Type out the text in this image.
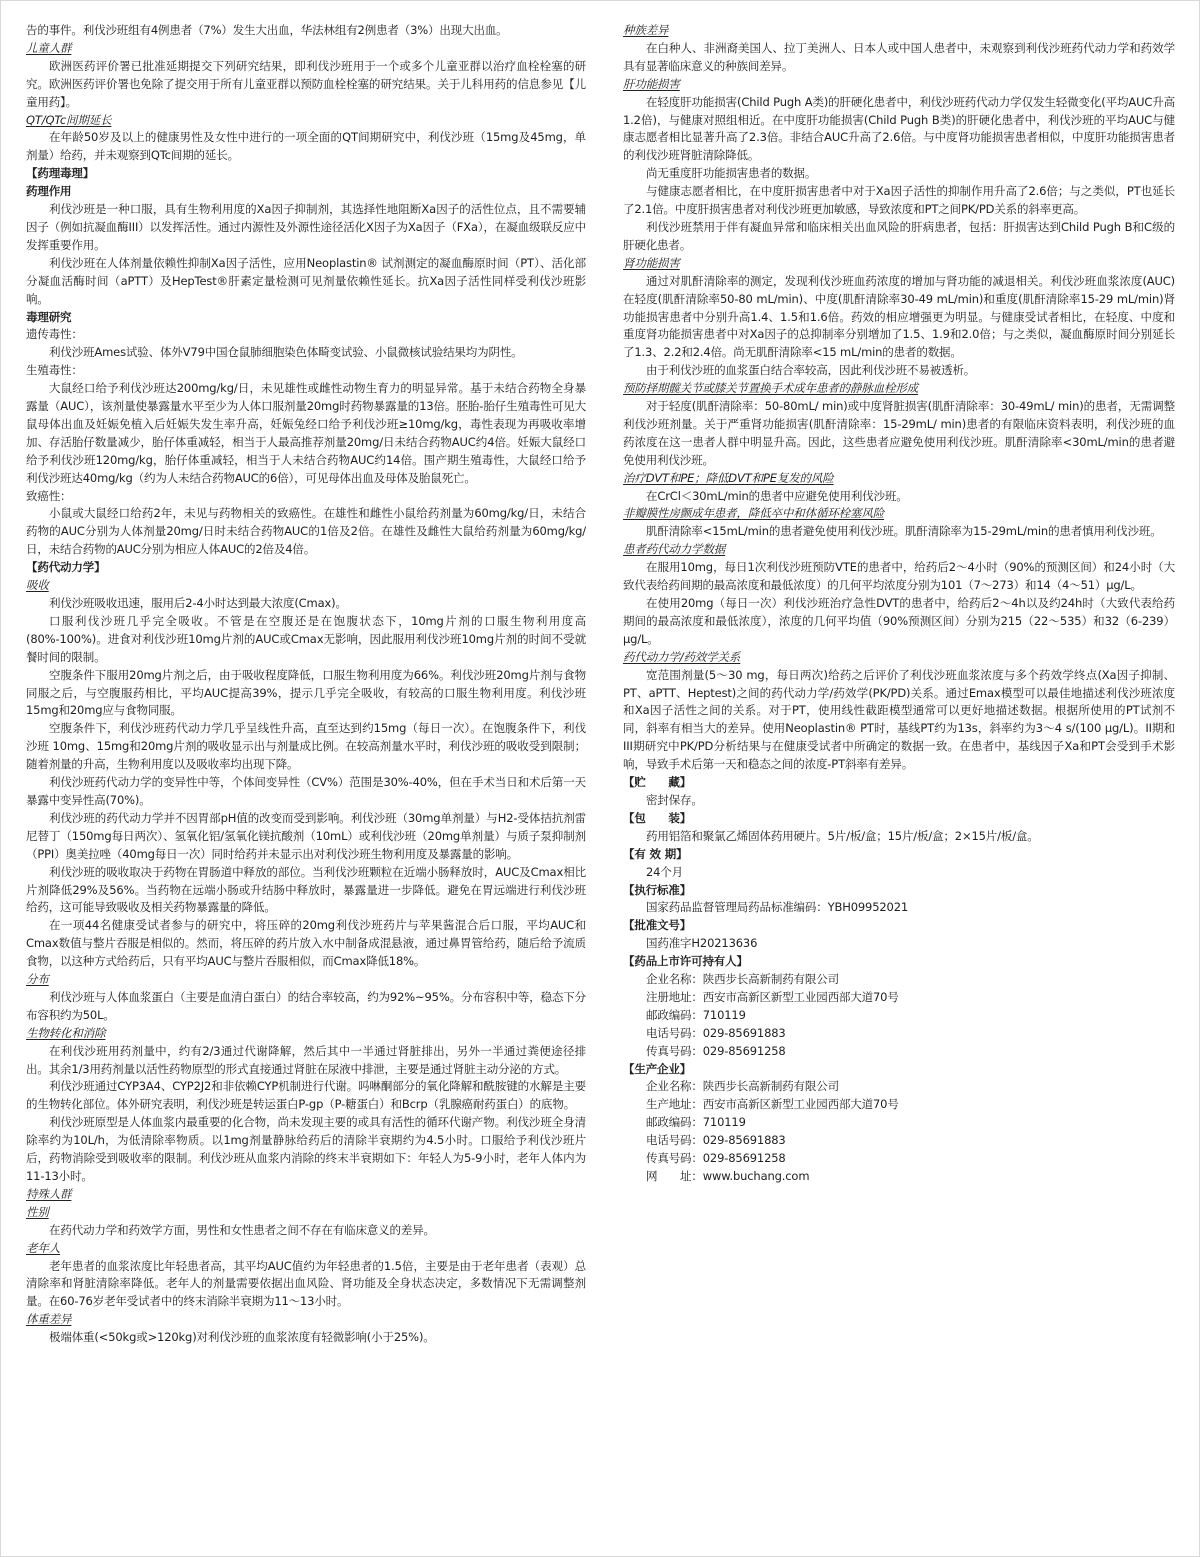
告的事件。利伐沙班组有4例患者（7%）发生大出血，华法林组有2例患者（3%）出现大出血。

儿童人群

欧洲医药评价署已批准延期提交下列研究结果，即利伐沙班用于一个或多个儿童亚群以治疗血栓栓塞的研究。欧洲医药评价署也免除了提交用于所有儿童亚群以预防血栓栓塞的研究结果。关于儿科用药的信息参见【儿童用药】。

QT/QTc间期延长

在年龄50岁及以上的健康男性及女性中进行的一项全面的QT间期研究中，利伐沙班（15mg及45mg，单剂量）给药，并未观察到QTc间期的延长。

【药理毒理】
药理作用

利伐沙班是一种口服，具有生物利用度的Xa因子抑制剂，其选择性地阻断Xa因子的活性位点，且不需要辅因子（例如抗凝血酶III）以发挥活性。通过内源性及外源性途径活化X因子为Xa因子（FXa），在凝血级联反应中发挥重要作用。

利伐沙班在人体剂量依赖性抑制Xa因子活性，应用Neoplastin® 试剂测定的凝血酶原时间（PT）、活化部分凝血活酶时间（aPTT）及HepTest®肝素定量检测可见剂量依赖性延长。抗Xa因子活性同样受利伐沙班影响。

毒理研究
遗传毒性：

利伐沙班Ames试验、体外V79中国仓鼠肺细胞染色体畸变试验、小鼠微核试验结果均为阴性。

生殖毒性：

大鼠经口给予利伐沙班达200mg/kg/日，未见雄性或雌性动物生育力的明显异常。基于未结合药物全身暴露量（AUC），该剂量使暴露量水平至少为人体口服剂量20mg时药物暴露量的13倍。胚胎-胎仔生殖毒性可见大鼠母体出血及妊娠免植入后妊娠失发生率升高，妊娠兔经口给予利伐沙班≥10mg/kg，毒性表现为再吸收率增加、存活胎仔数量减少，胎仔体重减轻，相当于人最高推荐剂量20mg/日未结合药物AUC约4倍。妊娠大鼠经口给予利伐沙班120mg/kg，胎仔体重减轻，相当于人未结合药物AUC约14倍。围产期生殖毒性，大鼠经口给予利伐沙班达40mg/kg（约为人未结合药物AUC的6倍），可见母体出血及母体及胎鼠死亡。

致癌性：

小鼠或大鼠经口给药2年，未见与药物相关的致癌性。在雄性和雌性小鼠给药剂量为60mg/kg/日，未结合药物的AUC分别为人体剂量20mg/日时未结合药物AUC的1倍及2倍。在雄性及雌性大鼠给药剂量为60mg/kg/日，未结合药物的AUC分别为相应人体AUC的2倍及4倍。

【药代动力学】
吸收

利伐沙班吸收迅速，服用后2-4小时达到最大浓度(Cmax)。

口服利伐沙班几乎完全吸收。不管是在空腹还是在饱腹状态下，10mg片剂的口服生物利用度高(80%-100%)。进食对利伐沙班10mg片剂的AUC或Cmax无影响，因此服用利伐沙班10mg片剂的时间不受就餐时间的限制。

空腹条件下服用20mg片剂之后，由于吸收程度降低，口服生物利用度为66%。利伐沙班20mg片剂与食物同服之后，与空腹服药相比，平均AUC提高39%，提示几乎完全吸收，有较高的口服生物利用度。利伐沙班 15mg和20mg应与食物同服。

空腹条件下，利伐沙班药代动力学几乎呈线性升高，直至达到约15mg（每日一次）。在饱腹条件下，利伐沙班 10mg、15mg和20mg片剂的吸收显示出与剂量成比例。在较高剂量水平时，利伐沙班的吸收受到限制；随着剂量的升高，生物利用度以及吸收率均出现下降。

利伐沙班药代动力学的变异性中等，个体间变异性（CV%）范围是30%-40%，但在手术当日和术后第一天暴露中变异性高(70%)。

利伐沙班的药代动力学并不因胃部pH值的改变而受到影响。利伐沙班（30mg单剂量）与H2-受体拮抗剂雷尼替丁（150mg每日两次）、氢氧化铝/氢氧化镁抗酸剂（10mL）或利伐沙班（20mg单剂量）与质子泵抑制剂（PPI）奥美拉唑（40mg每日一次）同时给药并未显示出对利伐沙班生物利用度及暴露量的影响。

利伐沙班的吸收取决于药物在胃肠道中释放的部位。当利伐沙班颗粒在近端小肠释放时，AUC及Cmax相比片剂降低29%及56%。当药物在远端小肠或升结肠中释放时，暴露量进一步降低。避免在胃远端进行利伐沙班给药，这可能导致吸收及相关药物暴露量的降低。

在一项44名健康受试者参与的研究中，将压碎的20mg利伐沙班药片与苹果酱混合后口服，平均AUC和Cmax数值与整片吞服是相似的。然而，将压碎的药片放入水中制备成混悬液，通过鼻胃管给药，随后给予流质食物，以这种方式给药后，只有平均AUC与整片吞服相似，而Cmax降低18%。

分布

利伐沙班与人体血浆蛋白（主要是血清白蛋白）的结合率较高，约为92%~95%。分布容积中等，稳态下分布容积约为50L。

生物转化和消除

在利伐沙班用药剂量中，约有2/3通过代谢降解，然后其中一半通过肾脏排出，另外一半通过粪便途径排出。其余1/3用药剂量以活性药物原型的形式直接通过肾脏在尿液中排泄，主要是通过肾脏主动分泌的方式。

利伐沙班通过CYP3A4、CYP2J2和非依赖CYP机制进行代谢。吗啉酮部分的氧化降解和酰胺键的水解是主要的生物转化部位。体外研究表明，利伐沙班是转运蛋白P-gp（P-糖蛋白）和Bcrp（乳腺癌耐药蛋白）的底物。

利伐沙班原型是人体血浆内最重要的化合物，尚未发现主要的或具有活性的循环代谢产物。利伐沙班全身清除率约为10L/h，为低清除率物质。以1mg剂量静脉给药后的清除半衰期约为4.5小时。口服给予利伐沙班片后，药物消除受到吸收率的限制。利伐沙班从血浆内消除的终末半衰期如下：年轻人为5-9小时，老年人体内为11-13小时。

特殊人群
性别

在药代动力学和药效学方面，男性和女性患者之间不存在有临床意义的差异。

老年人

老年患者的血浆浓度比年轻患者高，其平均AUC值约为年轻患者的1.5倍，主要是由于老年患者（表观）总清除率和肾脏清除率降低。老年人的剂量需要依据出血风险、肾功能及全身状态决定，多数情况下无需调整剂量。在60-76岁老年受试者中的终末消除半衰期为11～13小时。

体重差异

极端体重(<50kg或>120kg)对利伐沙班的血浆浓度有轻微影响(小于25%)。

种族差异

在白种人、非洲裔美国人、拉丁美洲人、日本人或中国人患者中，未观察到利伐沙班药代动力学和药效学具有显著临床意义的种族间差异。

肝功能损害

在轻度肝功能损害(Child Pugh A类)的肝硬化患者中，利伐沙班药代动力学仅发生轻微变化(平均AUC升高1.2倍)，与健康对照组相近。在中度肝功能损害(Child Pugh B类)的肝硬化患者中，利伐沙班的平均AUC与健康志愿者相比显著升高了2.3倍。非结合AUC升高了2.6倍。与中度肾功能损害患者相似，中度肝功能损害患者的利伐沙班肾脏清除降低。

尚无重度肝功能损害患者的数据。

与健康志愿者相比，在中度肝损害患者中对于Xa因子活性的抑制作用升高了2.6倍；与之类似，PT也延长了2.1倍。中度肝损害患者对利伐沙班更加敏感，导致浓度和PT之间PK/PD关系的斜率更高。

利伐沙班禁用于伴有凝血异常和临床相关出血风险的肝病患者，包括：肝损害达到Child Pugh B和C级的肝硬化患者。

肾功能损害

通过对肌酐清除率的测定，发现利伐沙班血药浓度的增加与肾功能的减退相关。利伐沙班血浆浓度(AUC)在轻度(肌酐清除率50-80 mL/min)、中度(肌酐清除率30-49 mL/min)和重度(肌酐清除率15-29 mL/min)肾功能损害患者中分别升高1.4、1.5和1.6倍。药效的相应增强更为明显。与健康受试者相比，在轻度、中度和重度肾功能损害患者中对Xa因子的总抑制率分别增加了1.5、1.9和2.0倍；与之类似，凝血酶原时间分别延长了1.3、2.2和2.4倍。尚无肌酐清除率<15 mL/min的患者的数据。

由于利伐沙班的血浆蛋白结合率较高，因此利伐沙班不易被透析。

预防择期髋关节或膝关节置换手术成年患者的静脉血栓形成

对于轻度(肌酐清除率：50-80mL/ min)或中度肾脏损害(肌酐清除率：30-49mL/ min)的患者，无需调整利伐沙班剂量。关于严重肾功能损害(肌酐清除率：15-29mL/ min)患者的有限临床资料表明，利伐沙班的血药浓度在这一患者人群中明显升高。因此，这些患者应避免使用利伐沙班。肌酐清除率<30mL/min的患者避免使用利伐沙班。

治疗DVT和PE；降低DVT和PE复发的风险

在CrCl＜30mL/min的患者中应避免使用利伐沙班。

非瓣膜性房颤成年患者，降低卒中和体循环栓塞风险

肌酐清除率<15mL/min的患者避免使用利伐沙班。肌酐清除率为15-29mL/min的患者慎用利伐沙班。

患者药代动力学数据

在服用10mg，每日1次利伐沙班预防VTE的患者中，给药后2～4小时（90%的预测区间）和24小时（大致代表给药间期的最高浓度和最低浓度）的几何平均浓度分别为101（7～273）和14（4～51）μg/L。

在使用20mg（每日一次）利伐沙班治疗急性DVT的患者中，给药后2～4h以及约24h时（大致代表给药期间的最高浓度和最低浓度），浓度的几何平均值（90%预测区间）分别为215（22～535）和32（6-239）μg/L。

药代动力学/药效学关系

宽范围剂量(5～30 mg，每日两次)给药之后评价了利伐沙班血浆浓度与多个药效学终点(Xa因子抑制、PT、aPTT、Heptest)之间的药代动力学/药效学(PK/PD)关系。通过Emax模型可以最佳地描述利伐沙班浓度和Xa因子活性之间的关系。对于PT，使用线性截距模型通常可以更好地描述数据。根据所使用的PT试剂不同，斜率有相当大的差异。使用Neoplastin® PT时，基线PT约为13s，斜率约为3～4 s/(100 μg/L)。II期和III期研究中PK/PD分析结果与在健康受试者中所确定的数据一致。在患者中，基线因子Xa和PT会受到手术影响，导致手术后第一天和稳态之间的浓度-PT斜率有差异。

【贮　　藏】

密封保存。

【包　　装】

药用铝箔和聚氯乙烯固体药用硬片。5片/板/盒；15片/板/盒；2×15片/板/盒。

【有 效 期】

24个月

【执行标准】

国家药品监督管理局药品标准编码：YBH09952021

【批准文号】

国药准字H20213636

【药品上市许可持有人】

企业名称：陕西步长高新制药有限公司

注册地址：西安市高新区新型工业园西部大道70号

邮政编码：710119

电话号码：029-85691883

传真号码：029-85691258

【生产企业】

企业名称：陕西步长高新制药有限公司

生产地址：西安市高新区新型工业园西部大道70号

邮政编码：710119

电话号码：029-85691883

传真号码：029-85691258

网　　址：www.buchang.com
